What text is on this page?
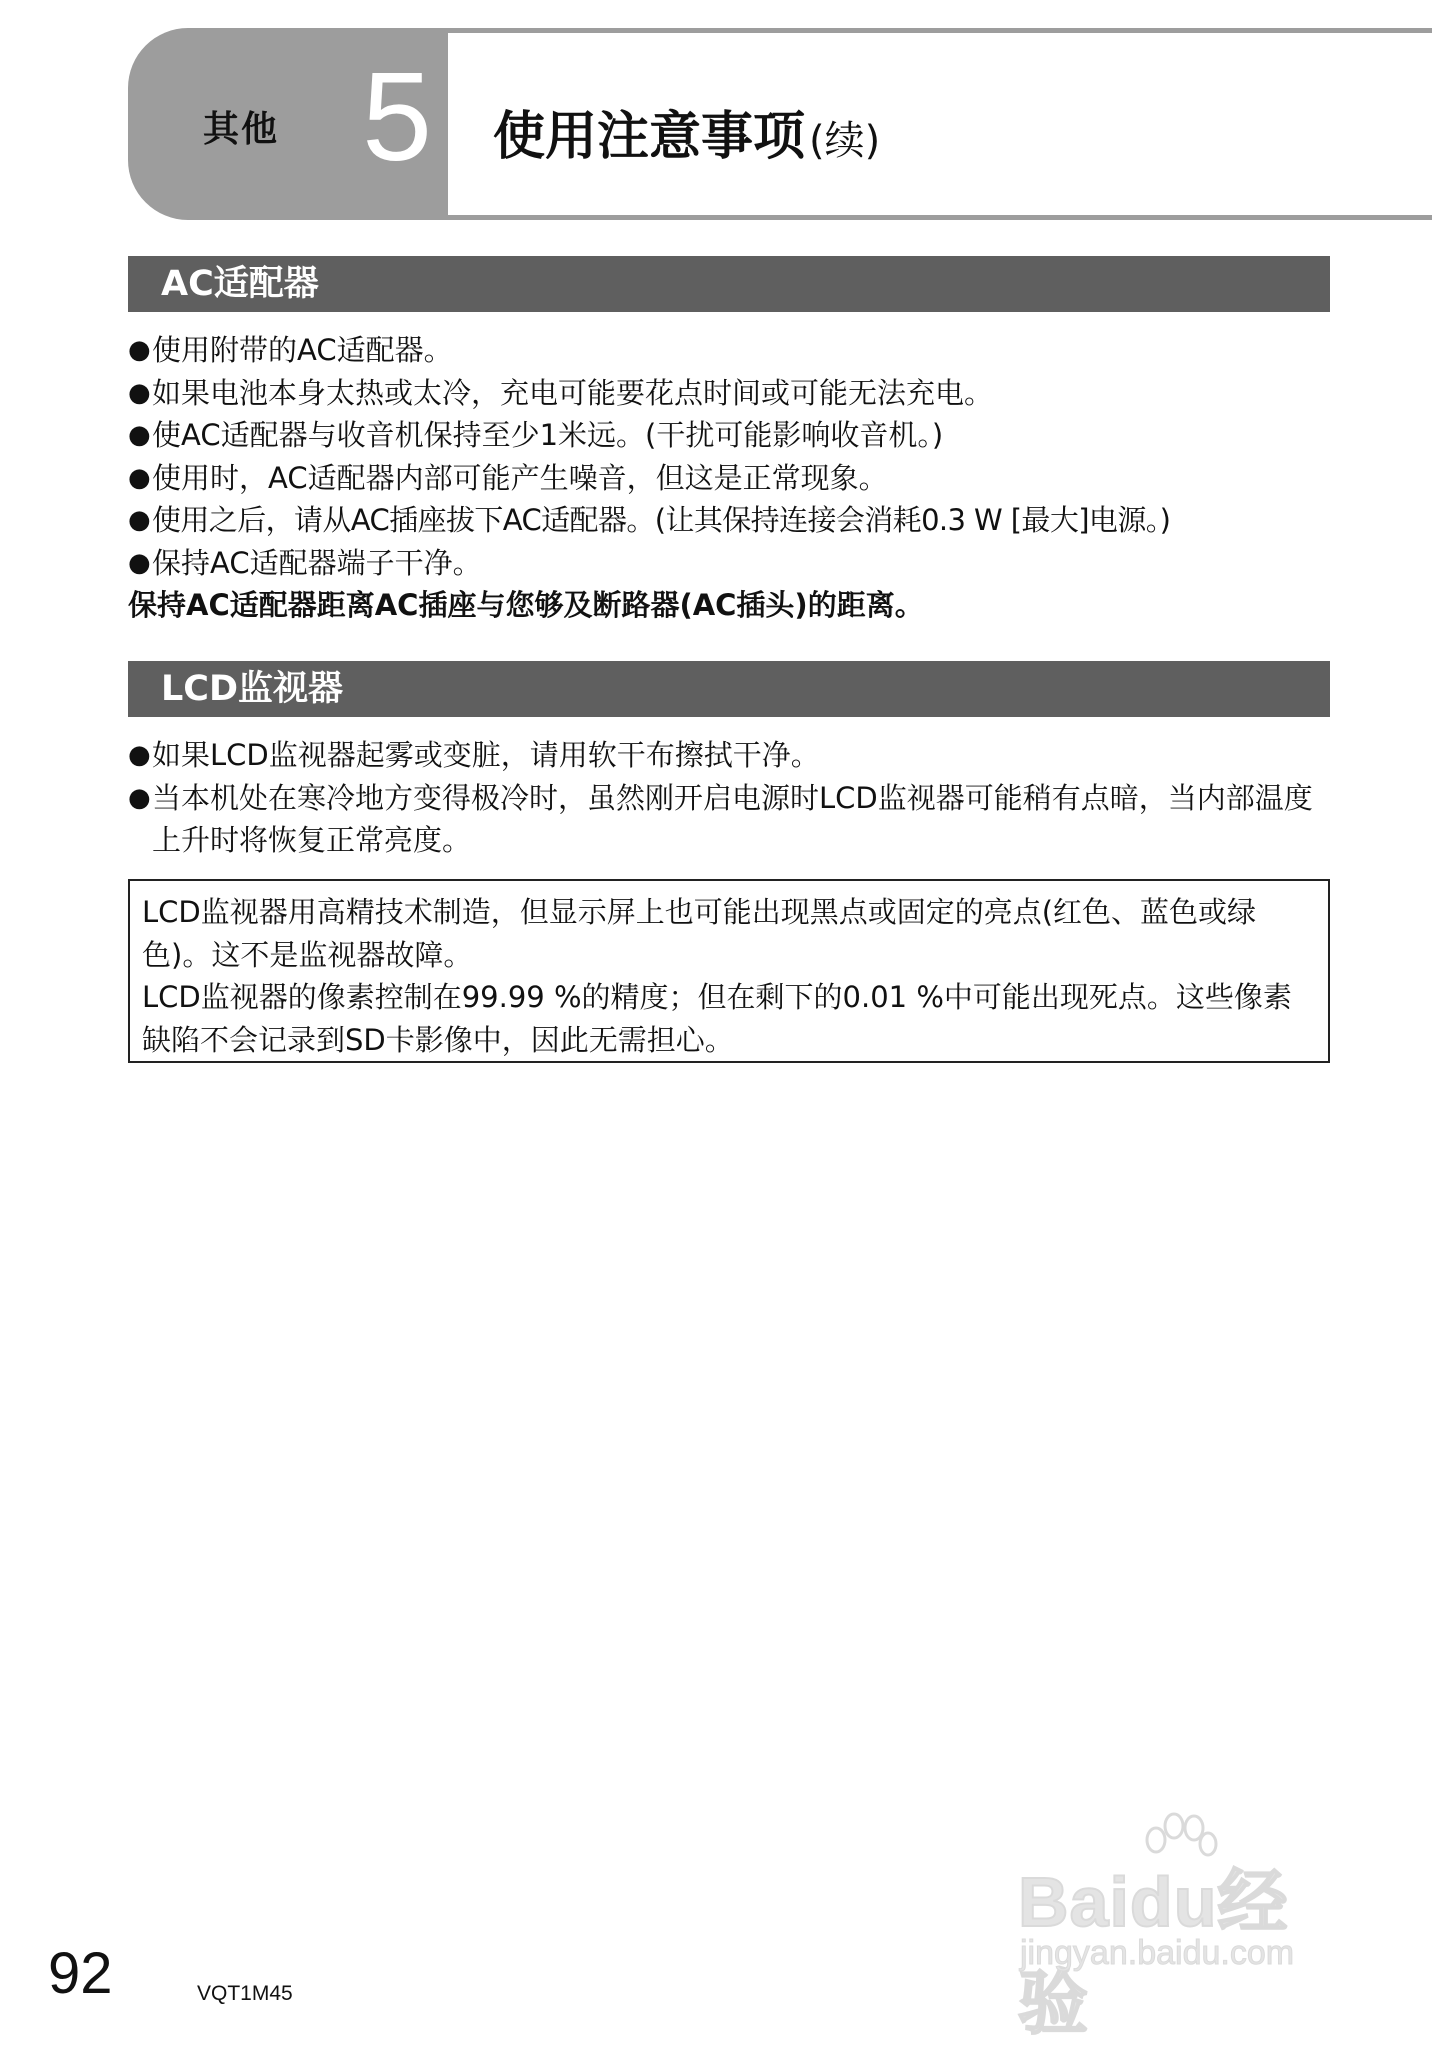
其他 5 使用注意事项 (续)
AC适配器
● 使用附带的AC适配器。
● 如果电池本身太热或太冷，充电可能要花点时间或可能无法充电。
● 使AC适配器与收音机保持至少1米远。(干扰可能影响收音机。)
● 使用时，AC适配器内部可能产生噪音，但这是正常现象。
● 使用之后，请从AC插座拔下AC适配器。(让其保持连接会消耗0.3 W [最大]电源。)
● 保持AC适配器端子干净。
保持AC适配器距离AC插座与您够及断路器(AC插头)的距离。
LCD监视器
● 如果LCD监视器起雾或变脏，请用软干布擦拭干净。
● 当本机处在寒冷地方变得极冷时，虽然刚开启电源时LCD监视器可能稍有点暗，当内部温度上升时将恢复正常亮度。

LCD监视器用高精技术制造，但显示屏上也可能出现黑点或固定的亮点(红色、蓝色或绿色)。这不是监视器故障。

LCD监视器的像素控制在99.99 %的精度；但在剩下的0.01 %中可能出现死点。这些像素缺陷不会记录到SD卡影像中，因此无需担心。

Baidu经验
jingyan.baidu.com
92	VQT1M45
